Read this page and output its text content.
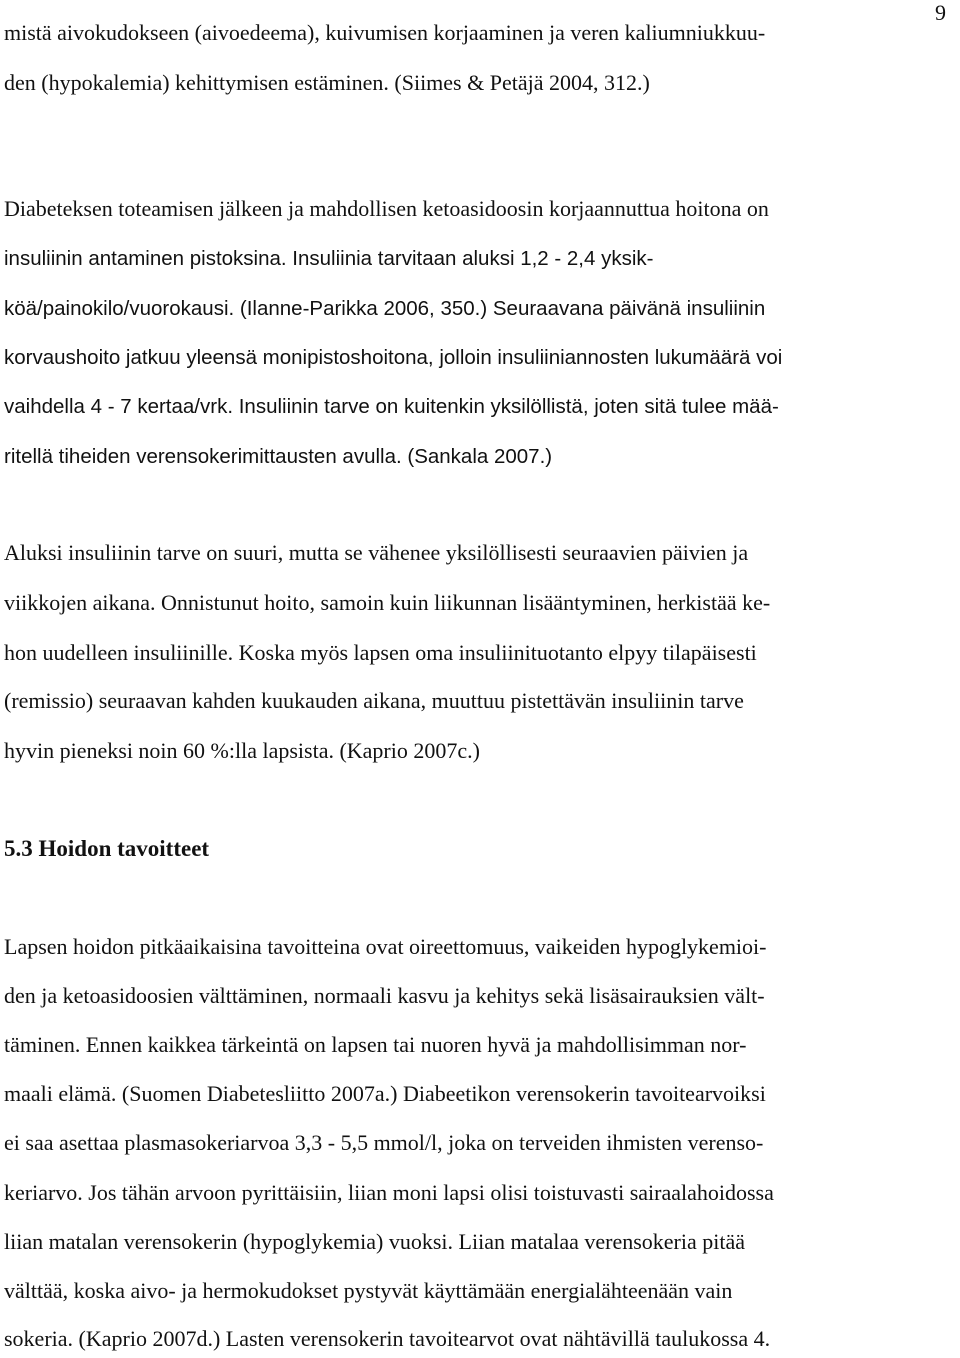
9
mistä aivokudokseen (aivoedeema), kuivumisen korjaaminen ja veren kaliumniukkuu-
den (hypokalemia) kehittymisen estäminen. (Siimes & Petäjä 2004, 312.)
Diabeteksen toteamisen jälkeen ja mahdollisen ketoasidoosin korjaannuttua hoitona on
insuliinin antaminen pistoksina. Insuliinia tarvitaan aluksi 1,2 - 2,4 yksik-
köä/painokilo/vuorokausi. (Ilanne-Parikka 2006, 350.) Seuraavana päivänä insuliinin
korvaushoito jatkuu yleensä monipistoshoitona, jolloin insuliiniannosten lukumäärä voi
vaihdella 4 - 7 kertaa/vrk. Insuliinin tarve on kuitenkin yksilöllistä, joten sitä tulee mää-
ritellä tiheiden verensokerimittausten avulla. (Sankala 2007.)
Aluksi insuliinin tarve on suuri, mutta se vähenee yksilöllisesti seuraavien päivien ja
viikkojen aikana. Onnistunut hoito, samoin kuin liikunnan lisääntyminen, herkistää ke-
hon uudelleen insuliinille. Koska myös lapsen oma insuliinituotanto elpyy tilapäisesti
(remissio) seuraavan kahden kuukauden aikana, muuttuu pistettävän insuliinin tarve
hyvin pieneksi noin 60 %:lla lapsista. (Kaprio 2007c.)
5.3 Hoidon tavoitteet
Lapsen hoidon pitkäaikaisina tavoitteina ovat oireettomuus, vaikeiden hypoglykemioi-
den ja ketoasidoosien välttäminen, normaali kasvu ja kehitys sekä lisäsairauksien vält-
täminen. Ennen kaikkea tärkeintä on lapsen tai nuoren hyvä ja mahdollisimman nor-
maali elämä. (Suomen Diabetesliitto 2007a.) Diabeetikon verensokerin tavoitearvoiksi
ei saa asettaa plasmasokeriarvoa 3,3 - 5,5 mmol/l, joka on terveiden ihmisten verenso-
keriarvo. Jos tähän arvoon pyrittäisiin, liian moni lapsi olisi toistuvasti sairaalahoidossa
liian matalan verensokerin (hypoglykemia) vuoksi. Liian matalaa verensokeria pitää
välttää, koska aivo- ja hermokudokset pystyvät käyttämään energialähteenään vain
sokeria. (Kaprio 2007d.) Lasten verensokerin tavoitearvot ovat nähtävillä taulukossa 4.
